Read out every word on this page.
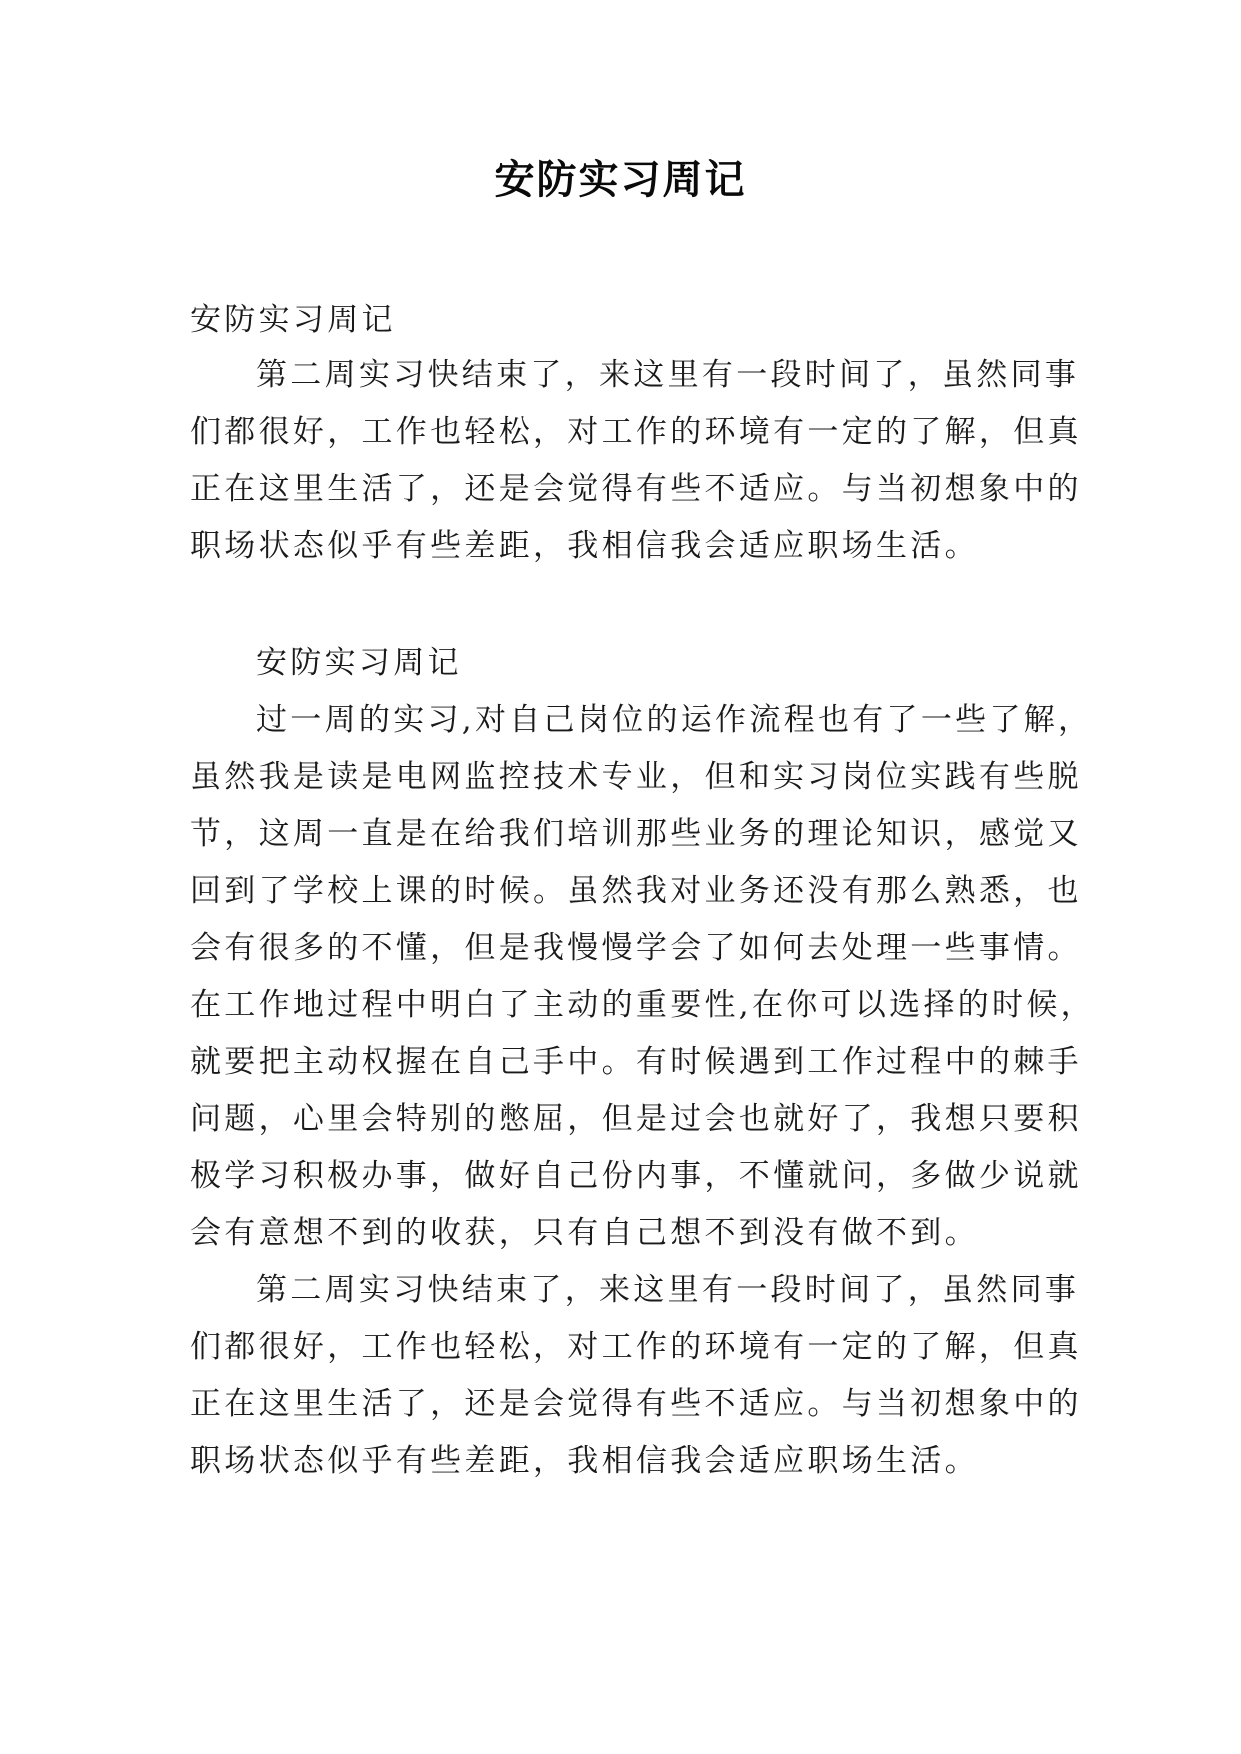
安防实习周记
安防实习周记
第二周实习快结束了，来这里有一段时间了，虽然同事
们都很好，工作也轻松，对工作的环境有一定的了解，但真
正在这里生活了，还是会觉得有些不适应。与当初想象中的
职场状态似乎有些差距，我相信我会适应职场生活。
安防实习周记
过一周的实习,对自己岗位的运作流程也有了一些了解，
虽然我是读是电网监控技术专业，但和实习岗位实践有些脱
节，这周一直是在给我们培训那些业务的理论知识，感觉又
回到了学校上课的时候。虽然我对业务还没有那么熟悉，也
会有很多的不懂，但是我慢慢学会了如何去处理一些事情。
在工作地过程中明白了主动的重要性,在你可以选择的时候，
就要把主动权握在自己手中。有时候遇到工作过程中的棘手
问题，心里会特别的憋屈，但是过会也就好了，我想只要积
极学习积极办事，做好自己份内事，不懂就问，多做少说就
会有意想不到的收获，只有自己想不到没有做不到。
第二周实习快结束了，来这里有一段时间了，虽然同事
们都很好，工作也轻松，对工作的环境有一定的了解，但真
正在这里生活了，还是会觉得有些不适应。与当初想象中的
职场状态似乎有些差距，我相信我会适应职场生活。
